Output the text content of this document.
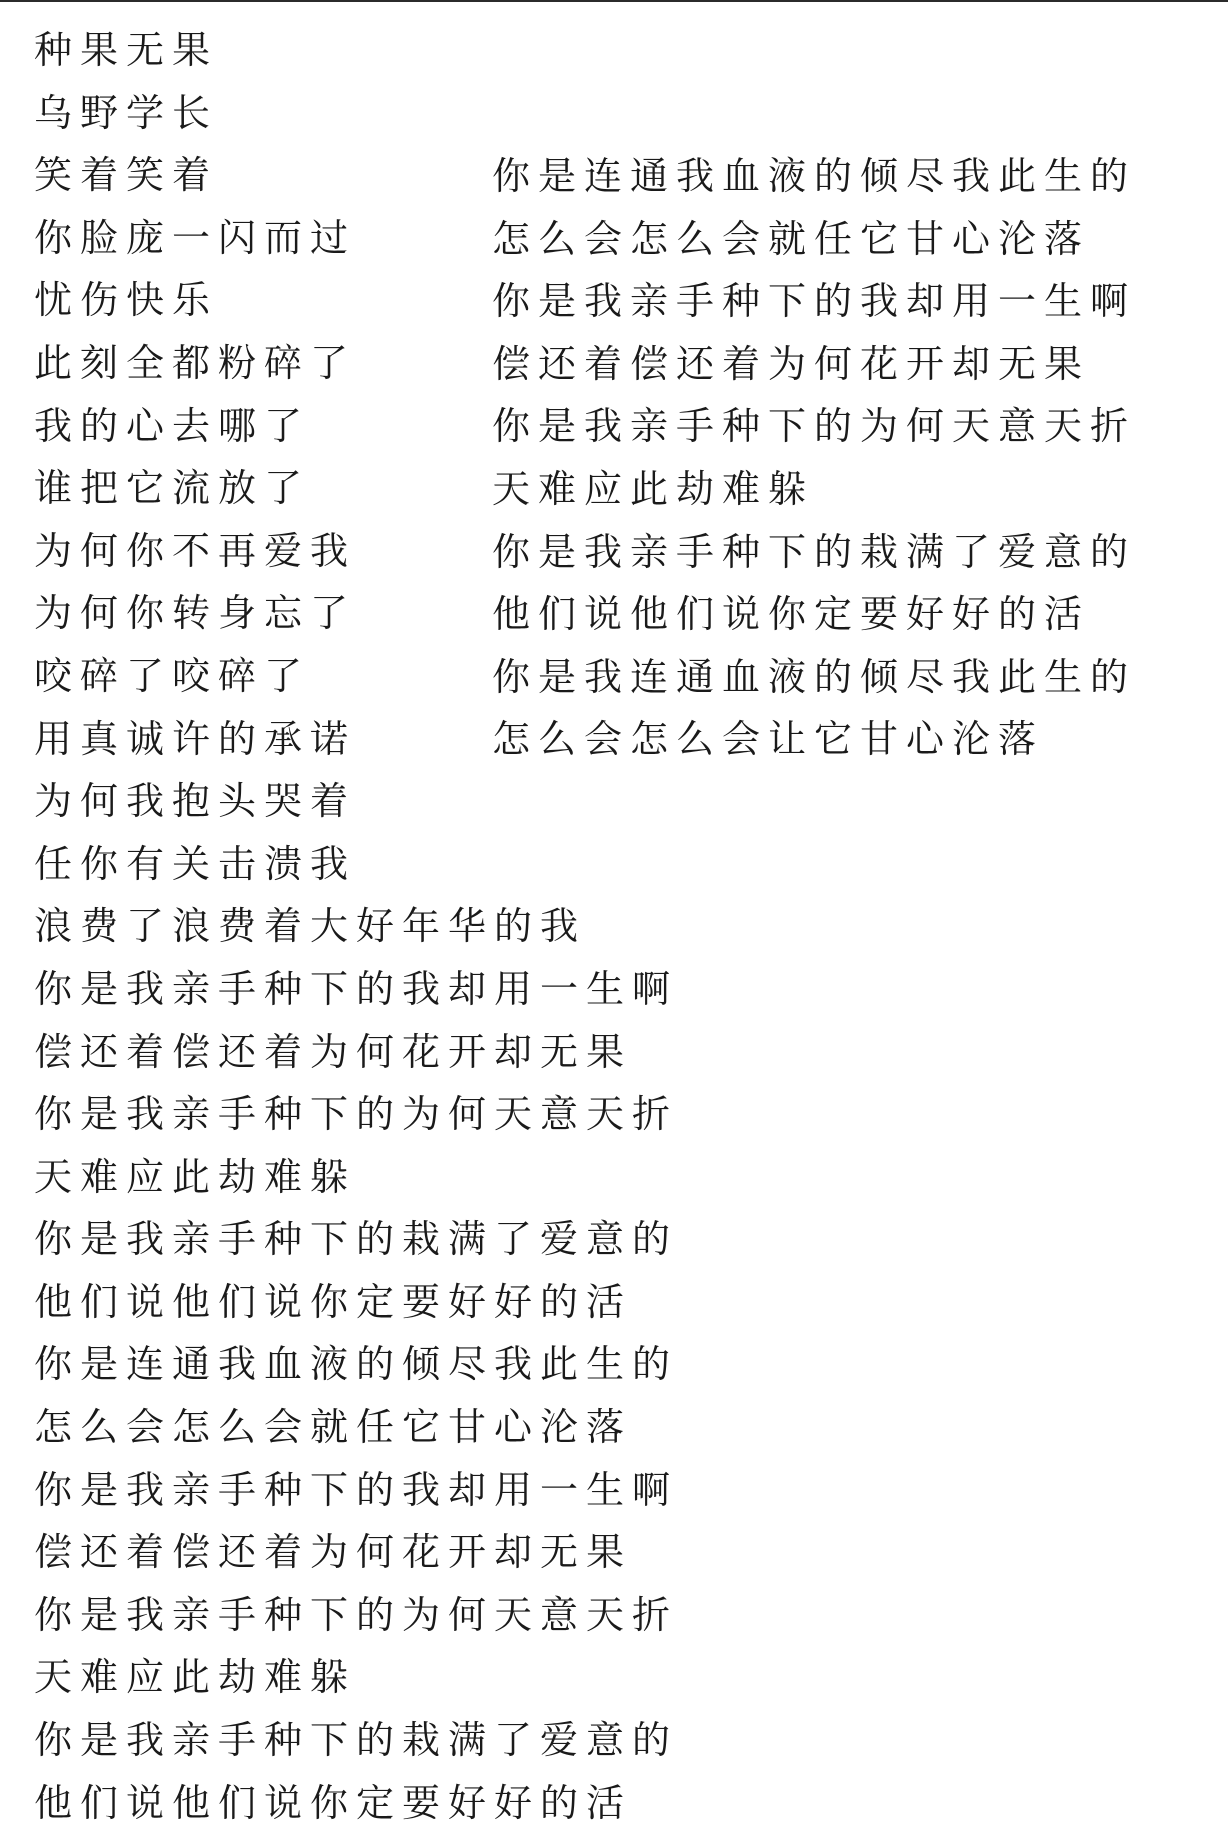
种果无果
乌野学长
笑着笑着
你脸庞一闪而过
忧伤快乐
此刻全都粉碎了
我的心去哪了
谁把它流放了
为何你不再爱我
为何你转身忘了
咬碎了咬碎了
用真诚许的承诺
为何我抱头哭着
任你有关击溃我
浪费了浪费着大好年华的我
你是我亲手种下的我却用一生啊
偿还着偿还着为何花开却无果
你是我亲手种下的为何天意天折
天难应此劫难躲
你是我亲手种下的栽满了爱意的
他们说他们说你定要好好的活
你是连通我血液的倾尽我此生的
怎么会怎么会就任它甘心沦落
你是我亲手种下的我却用一生啊
偿还着偿还着为何花开却无果
你是我亲手种下的为何天意天折
天难应此劫难躲
你是我亲手种下的栽满了爱意的
他们说他们说你定要好好的活
你是连通我血液的倾尽我此生的
怎么会怎么会就任它甘心沦落
你是我亲手种下的我却用一生啊
偿还着偿还着为何花开却无果
你是我亲手种下的为何天意天折
天难应此劫难躲
你是我亲手种下的栽满了爱意的
他们说他们说你定要好好的活
你是我连通血液的倾尽我此生的
怎么会怎么会让它甘心沦落
